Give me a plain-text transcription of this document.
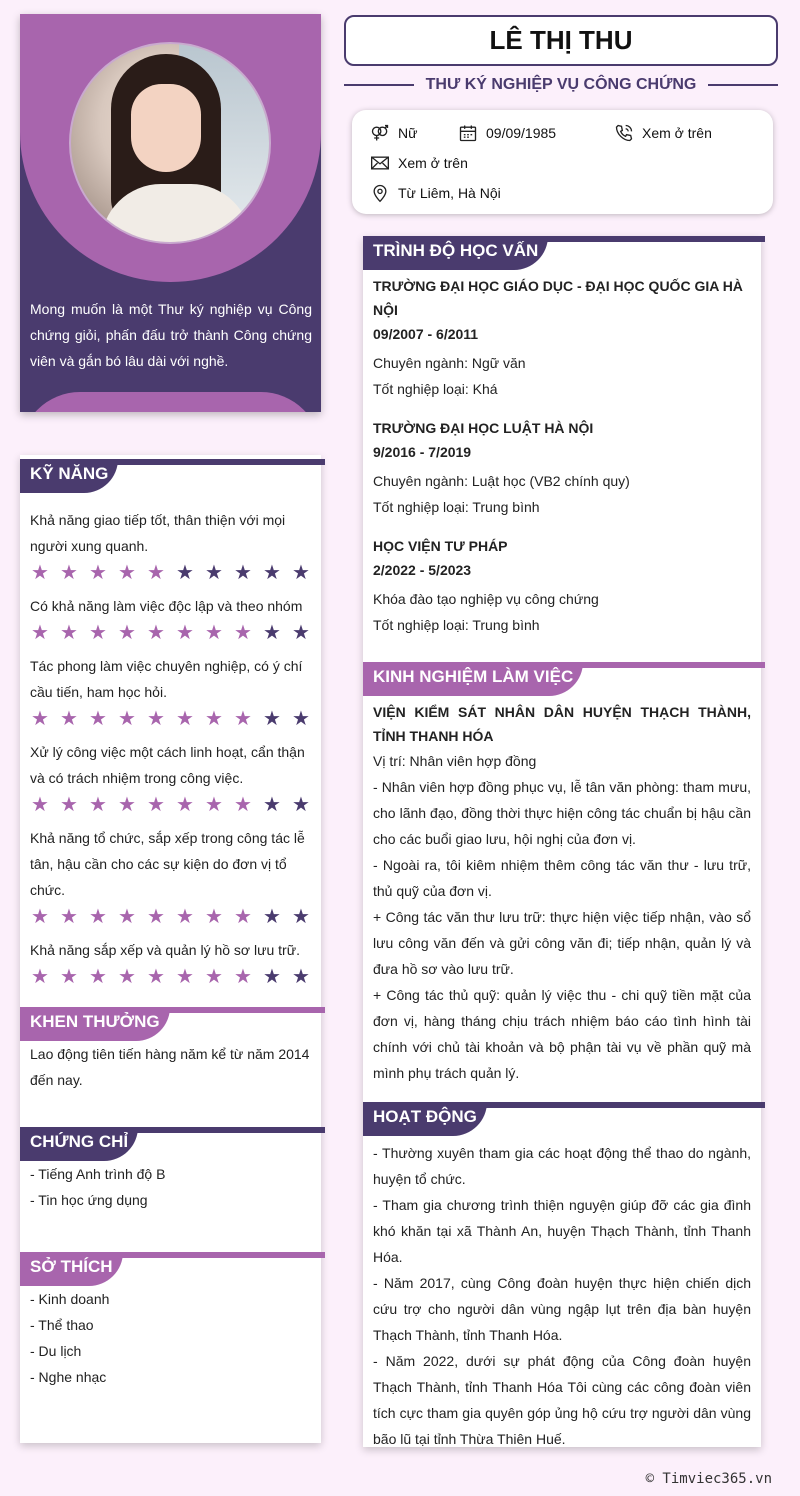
Mong muốn là một Thư ký nghiệp vụ Công chứng giỏi, phấn đấu trở thành Công chứng viên và gắn bó lâu dài với nghề.
KỸ NĂNG
Khả năng giao tiếp tốt, thân thiện với mọi người xung quanh.
★ ★ ★ ★ ★ ★ ★ ★ ★ ★
Có khả năng làm việc độc lập và theo nhóm
★ ★ ★ ★ ★ ★ ★ ★ ★ ★
Tác phong làm việc chuyên nghiệp, có ý chí cầu tiến, ham học hỏi.
★ ★ ★ ★ ★ ★ ★ ★ ★ ★
Xử lý công việc một cách linh hoạt, cẩn thận và có trách nhiệm trong công việc.
★ ★ ★ ★ ★ ★ ★ ★ ★ ★
Khả năng tổ chức, sắp xếp trong công tác lễ tân, hậu cần cho các sự kiện do đơn vị tổ chức.
★ ★ ★ ★ ★ ★ ★ ★ ★ ★
Khả năng sắp xếp và quản lý hồ sơ lưu trữ.
★ ★ ★ ★ ★ ★ ★ ★ ★ ★
KHEN THƯỞNG
Lao động tiên tiến hàng năm kể từ năm 2014 đến nay.
CHỨNG CHỈ
- Tiếng Anh trình độ B
- Tin học ứng dụng
SỞ THÍCH
- Kinh doanh
- Thể thao
- Du lịch
- Nghe nhạc
LÊ THỊ THU
THƯ KÝ NGHIỆP VỤ CÔNG CHỨNG
Nữ	09/09/1985	Xem ở trên
Xem ở trên
Từ Liêm, Hà Nội
TRÌNH ĐỘ HỌC VẤN
TRƯỜNG ĐẠI HỌC GIÁO DỤC - ĐẠI HỌC QUỐC GIA HÀ NỘI
09/2007 - 6/2011
Chuyên ngành: Ngữ văn
Tốt nghiệp loại: Khá
TRƯỜNG ĐẠI HỌC LUẬT HÀ NỘI
9/2016 - 7/2019
Chuyên ngành: Luật học (VB2 chính quy)
Tốt nghiệp loại: Trung bình
HỌC VIỆN TƯ PHÁP
2/2022 - 5/2023
Khóa đào tạo nghiệp vụ công chứng
Tốt nghiệp loại: Trung bình
KINH NGHIỆM LÀM VIỆC
VIỆN KIỂM SÁT NHÂN DÂN HUYỆN THẠCH THÀNH, TỈNH THANH HÓA
Vị trí: Nhân viên hợp đồng
- Nhân viên hợp đồng phục vụ, lễ tân văn phòng: tham mưu, cho lãnh đạo, đồng thời thực hiện công tác chuẩn bị hậu cần cho các buổi giao lưu, hội nghị của đơn vị.
- Ngoài ra, tôi kiêm nhiệm thêm công tác văn thư - lưu trữ, thủ quỹ của đơn vị.
+ Công tác văn thư lưu trữ: thực hiện việc tiếp nhận, vào sổ lưu công văn đến và gửi công văn đi; tiếp nhận, quản lý và đưa hồ sơ vào lưu trữ.
+ Công tác thủ quỹ: quản lý việc thu - chi quỹ tiền mặt của đơn vị, hàng tháng chịu trách nhiệm báo cáo tình hình tài chính với chủ tài khoản và bộ phận tài vụ về phần quỹ mà mình phụ trách quản lý.
HOẠT ĐỘNG
- Thường xuyên tham gia các hoạt động thể thao do ngành, huyện tổ chức.
- Tham gia chương trình thiện nguyện giúp đỡ các gia đình khó khăn tại xã Thành An, huyện Thạch Thành, tỉnh Thanh Hóa.
- Năm 2017, cùng Công đoàn huyện thực hiện chiến dịch cứu trợ cho người dân vùng ngập lụt trên địa bàn huyện Thạch Thành, tỉnh Thanh Hóa.
- Năm 2022, dưới sự phát động của Công đoàn huyện Thạch Thành, tỉnh Thanh Hóa Tôi cùng các công đoàn viên tích cực tham gia quyên góp ủng hộ cứu trợ người dân vùng bão lũ tại tỉnh Thừa Thiên Huế.
© Timviec365.vn
